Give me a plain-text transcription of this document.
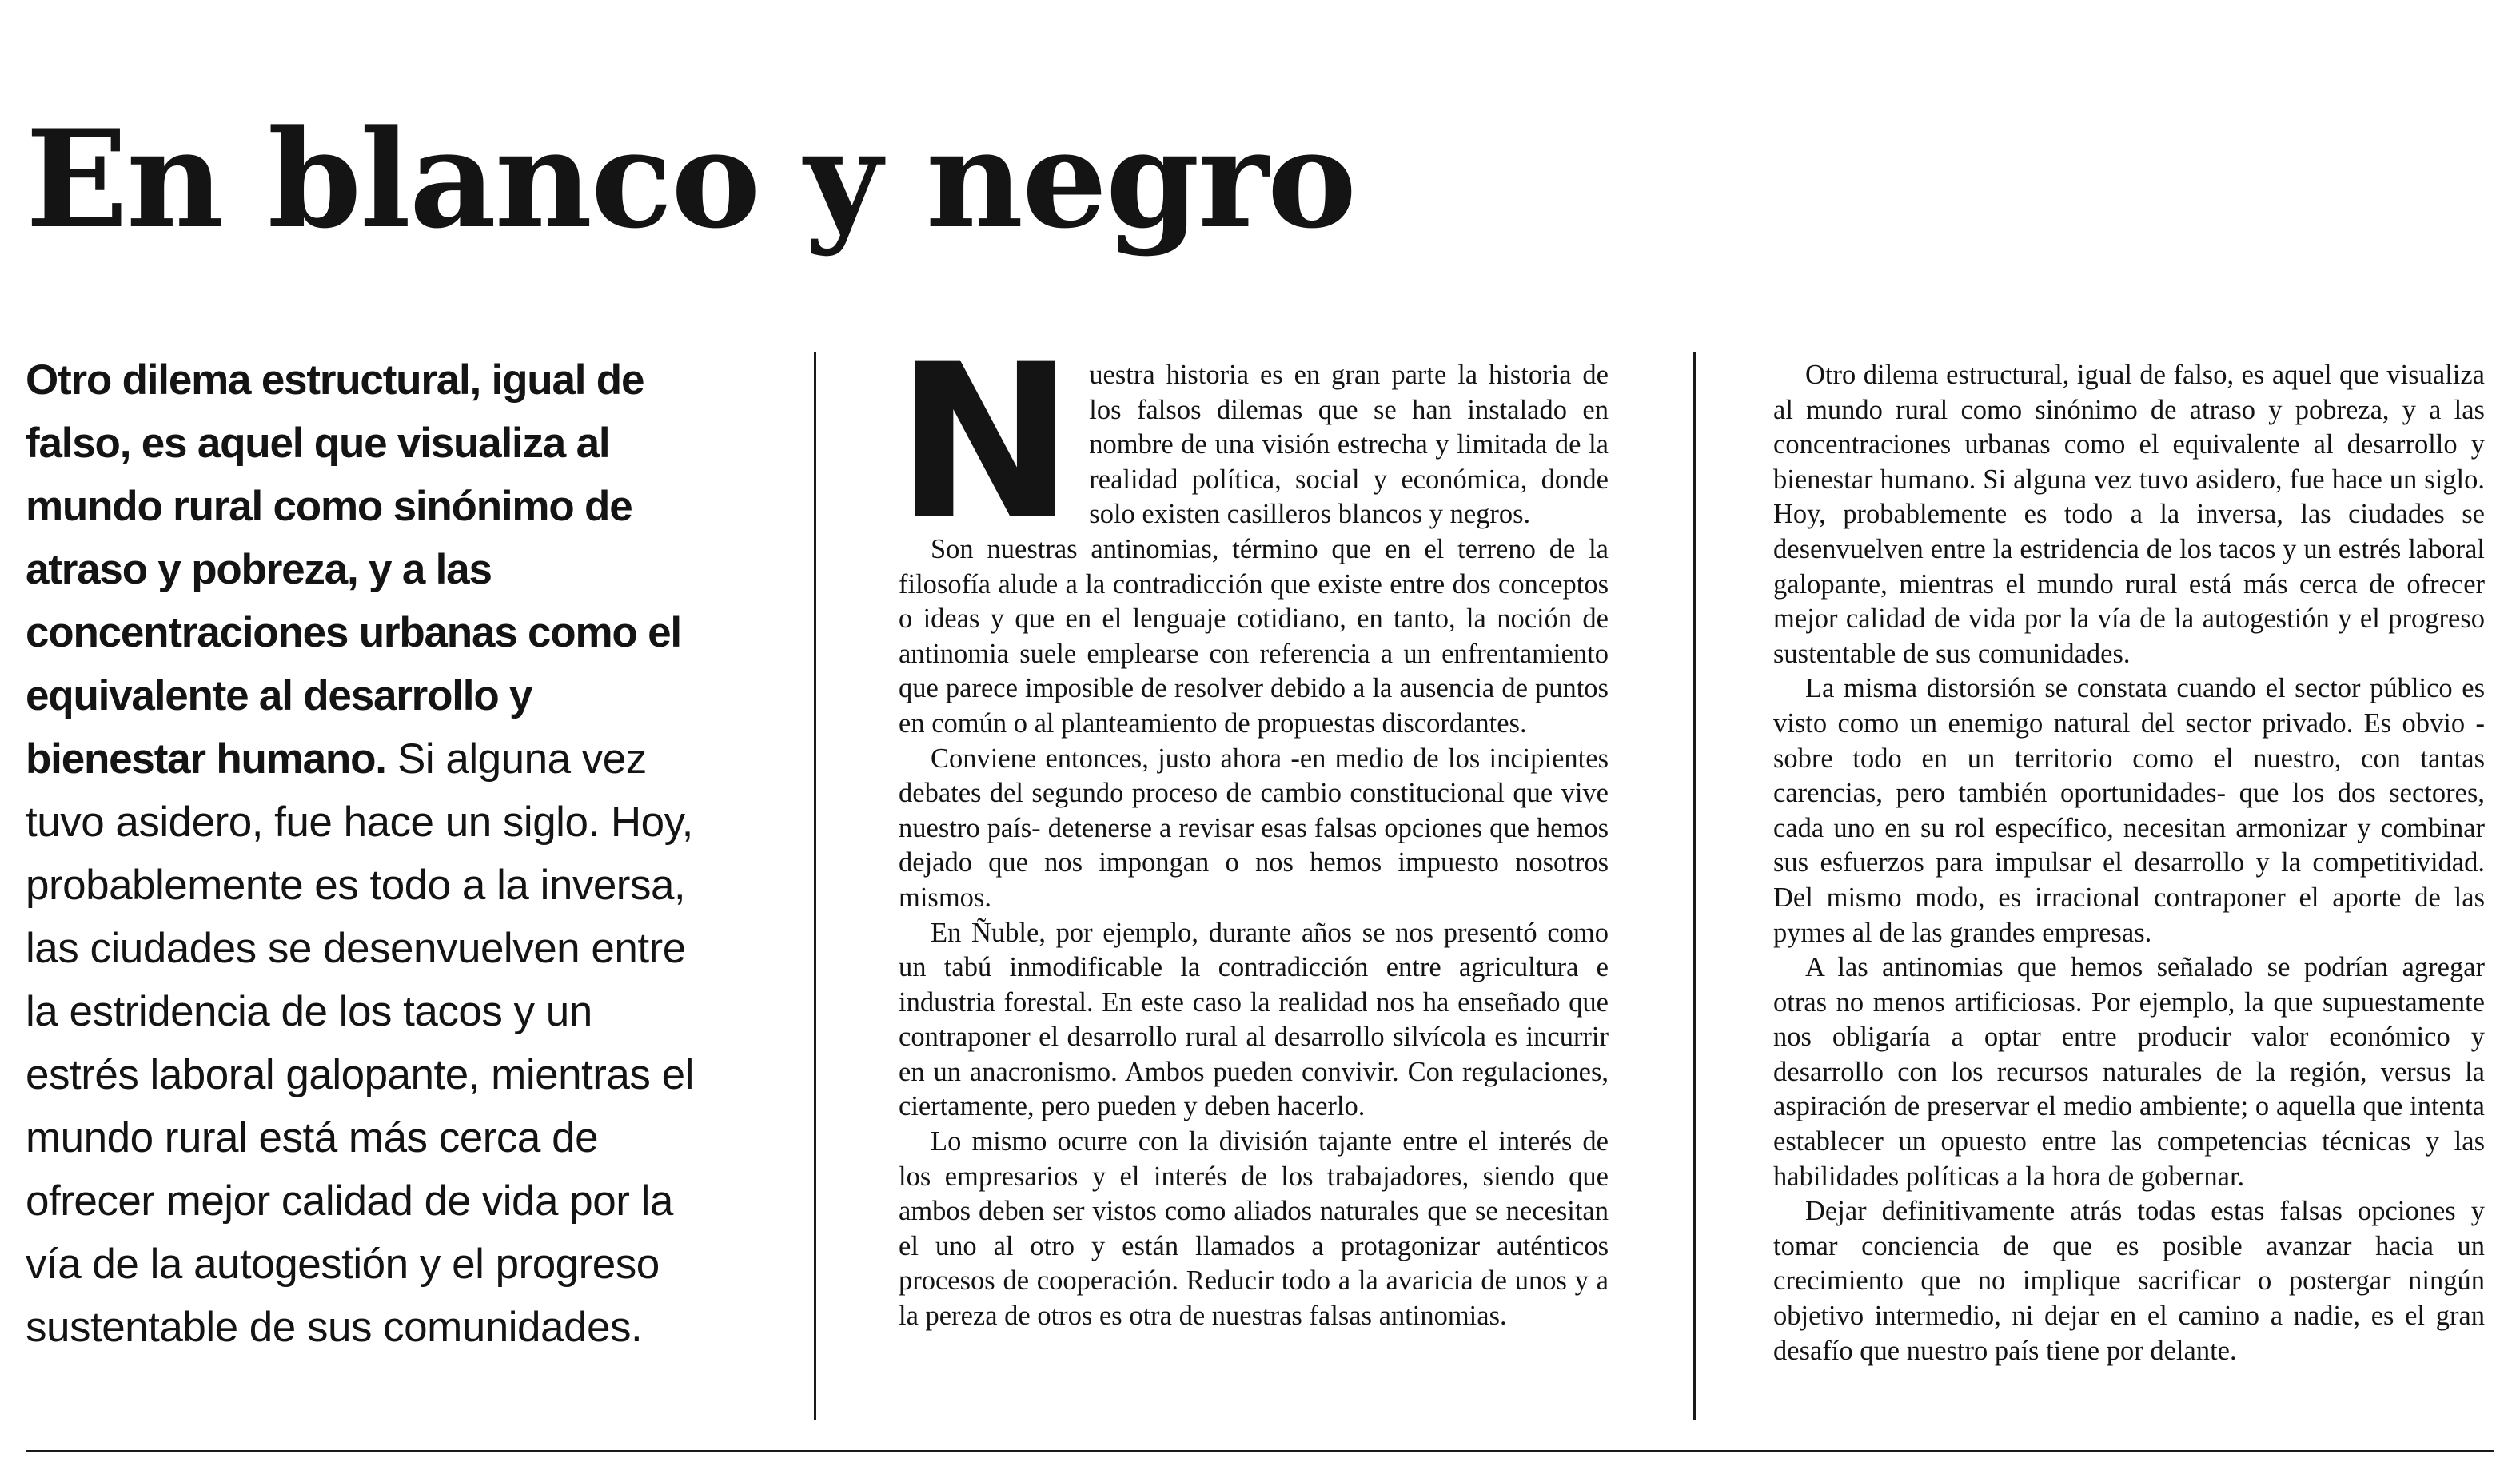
En blanco y negro

Otro dilema estructural, igual de falso, es aquel que visualiza al mundo rural como sinónimo de atraso y pobreza, y a las concentraciones urbanas como el equivalente al desarrollo y bienestar humano. Si alguna vez tuvo asidero, fue hace un siglo. Hoy, probablemente es todo a la inversa, las ciudades se desenvuelven entre la estridencia de los tacos y un estrés laboral galopante, mientras el mundo rural está más cerca de ofrecer mejor calidad de vida por la vía de la autogestión y el progreso sustentable de sus comunidades.

Nuestra historia es en gran parte la historia de los falsos dilemas que se han instalado en nombre de una visión estrecha y limitada de la realidad política, social y económica, donde solo existen casilleros blancos y negros.

Son nuestras antinomias, término que en el terreno de la filosofía alude a la contradicción que existe entre dos conceptos o ideas y que en el lenguaje cotidiano, en tanto, la noción de antinomia suele emplearse con referencia a un enfrentamiento que parece imposible de resolver debido a la ausencia de puntos en común o al planteamiento de propuestas discordantes.

Conviene entonces, justo ahora -en medio de los incipientes debates del segundo proceso de cambio constitucional que vive nuestro país- detenerse a revisar esas falsas opciones que hemos dejado que nos impongan o nos hemos impuesto nosotros mismos.

En Ñuble, por ejemplo, durante años se nos presentó como un tabú inmodificable la contradicción entre agricultura e industria forestal. En este caso la realidad nos ha enseñado que contraponer el desarrollo rural al desarrollo silvícola es incurrir en un anacronismo. Ambos pueden convivir. Con regulaciones, ciertamente, pero pueden y deben hacerlo.

Lo mismo ocurre con la división tajante entre el interés de los empresarios y el interés de los trabajadores, siendo que ambos deben ser vistos como aliados naturales que se necesitan el uno al otro y están llamados a protagonizar auténticos procesos de cooperación. Reducir todo a la avaricia de unos y a la pereza de otros es otra de nuestras falsas antinomias.

Otro dilema estructural, igual de falso, es aquel que visualiza al mundo rural como sinónimo de atraso y pobreza, y a las concentraciones urbanas como el equivalente al desarrollo y bienestar humano. Si alguna vez tuvo asidero, fue hace un siglo. Hoy, probablemente es todo a la inversa, las ciudades se desenvuelven entre la estridencia de los tacos y un estrés laboral galopante, mientras el mundo rural está más cerca de ofrecer mejor calidad de vida por la vía de la autogestión y el progreso sustentable de sus comunidades.

La misma distorsión se constata cuando el sector público es visto como un enemigo natural del sector privado. Es obvio -sobre todo en un territorio como el nuestro, con tantas carencias, pero también oportunidades- que los dos sectores, cada uno en su rol específico, necesitan armonizar y combinar sus esfuerzos para impulsar el desarrollo y la competitividad. Del mismo modo, es irracional contraponer el aporte de las pymes al de las grandes empresas.

A las antinomias que hemos señalado se podrían agregar otras no menos artificiosas. Por ejemplo, la que supuestamente nos obligaría a optar entre producir valor económico y desarrollo con los recursos naturales de la región, versus la aspiración de preservar el medio ambiente; o aquella que intenta establecer un opuesto entre las competencias técnicas y las habilidades políticas a la hora de gobernar.

Dejar definitivamente atrás todas estas falsas opciones y tomar conciencia de que es posible avanzar hacia un crecimiento que no implique sacrificar o postergar ningún objetivo intermedio, ni dejar en el camino a nadie, es el gran desafío que nuestro país tiene por delante.
